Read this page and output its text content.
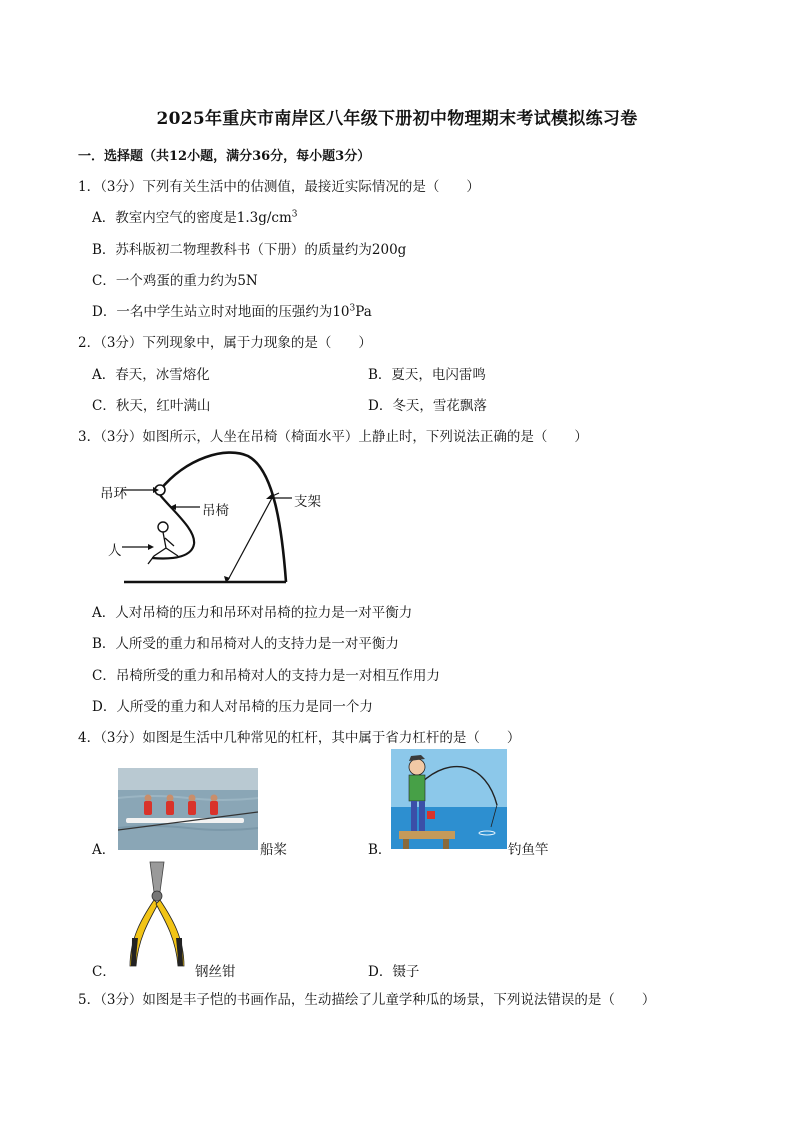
2025年重庆市南岸区八年级下册初中物理期末考试模拟练习卷
一．选择题（共12小题，满分36分，每小题3分）
1．（3分）下列有关生活中的估测值，最接近实际情况的是（　　）
A．教室内空气的密度是$1.3g/cm^3$
B．苏科版初二物理教科书（下册）的质量约为200g
C．一个鸡蛋的重力约为5N
D．一名中学生站立时对地面的压强约为$10^3Pa$
2．（3分）下列现象中，属于力现象的是（　　）
A．春天，冰雪熔化	B．夏天，电闪雷鸣
C．秋天，红叶满山	D．冬天，雪花飘落
3．（3分）如图所示，人坐在吊椅（椅面水平）上静止时，下列说法正确的是（　　）
吊环
吊椅
人
支架
A．人对吊椅的压力和吊环对吊椅的拉力是一对平衡力
B．人所受的重力和吊椅对人的支持力是一对平衡力
C．吊椅所受的重力和吊椅对人的支持力是一对相互作用力
D．人所受的重力和人对吊椅的压力是同一个力
4．（3分）如图是生活中几种常见的杠杆，其中属于省力杠杆的是（　　）
A．	船桨	B．	钓鱼竿
C．	钢丝钳	D．镊子
5．（3分）如图是丰子恺的书画作品，生动描绘了儿童学种瓜的场景，下列说法错误的是（　　）
